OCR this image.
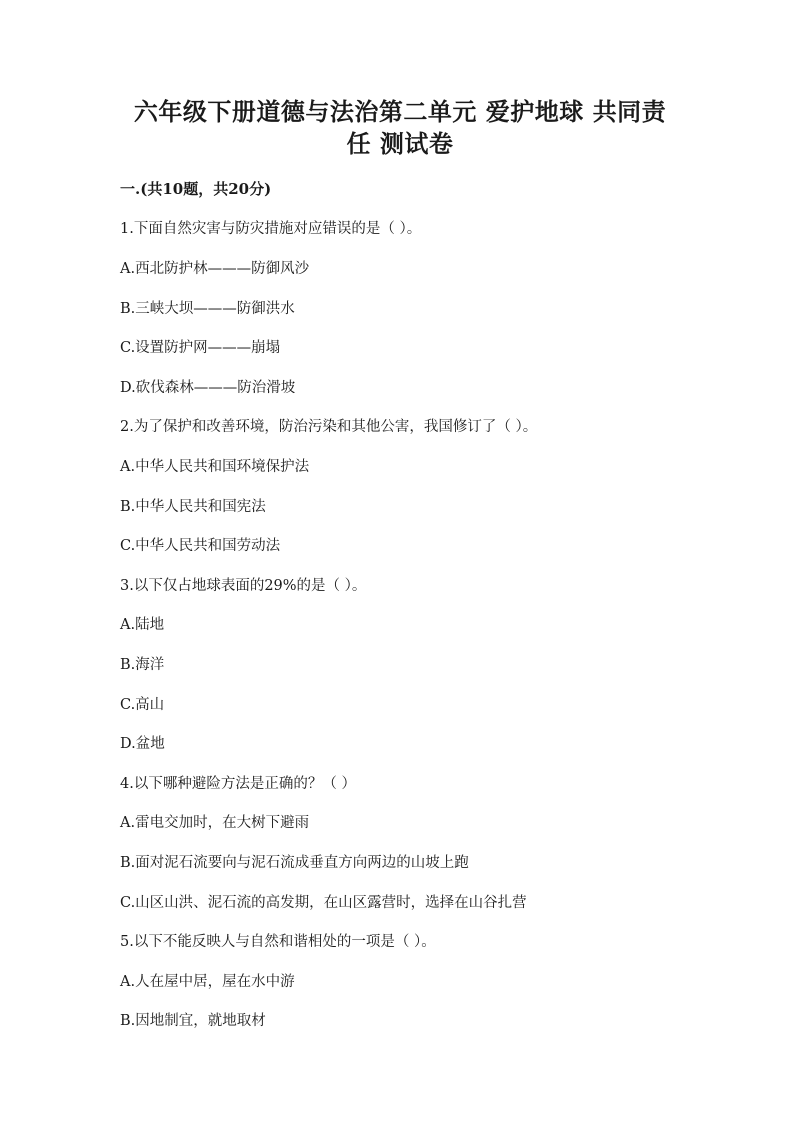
六年级下册道德与法治第二单元 爱护地球 共同责
任 测试卷
一.(共10题，共20分)
1.下面自然灾害与防灾措施对应错误的是（ ）。
A.西北防护林———防御风沙
B.三峡大坝———防御洪水
C.设置防护网———崩塌
D.砍伐森林———防治滑坡
2.为了保护和改善环境，防治污染和其他公害，我国修订了（ ）。
A.中华人民共和国环境保护法
B.中华人民共和国宪法
C.中华人民共和国劳动法
3.以下仅占地球表面的29%的是（ ）。
A.陆地
B.海洋
C.高山
D.盆地
4.以下哪种避险方法是正确的？（ ）
A.雷电交加时，在大树下避雨
B.面对泥石流要向与泥石流成垂直方向两边的山坡上跑
C.山区山洪、泥石流的高发期，在山区露营时，选择在山谷扎营
5.以下不能反映人与自然和谐相处的一项是（ ）。
A.人在屋中居，屋在水中游
B.因地制宜，就地取材
